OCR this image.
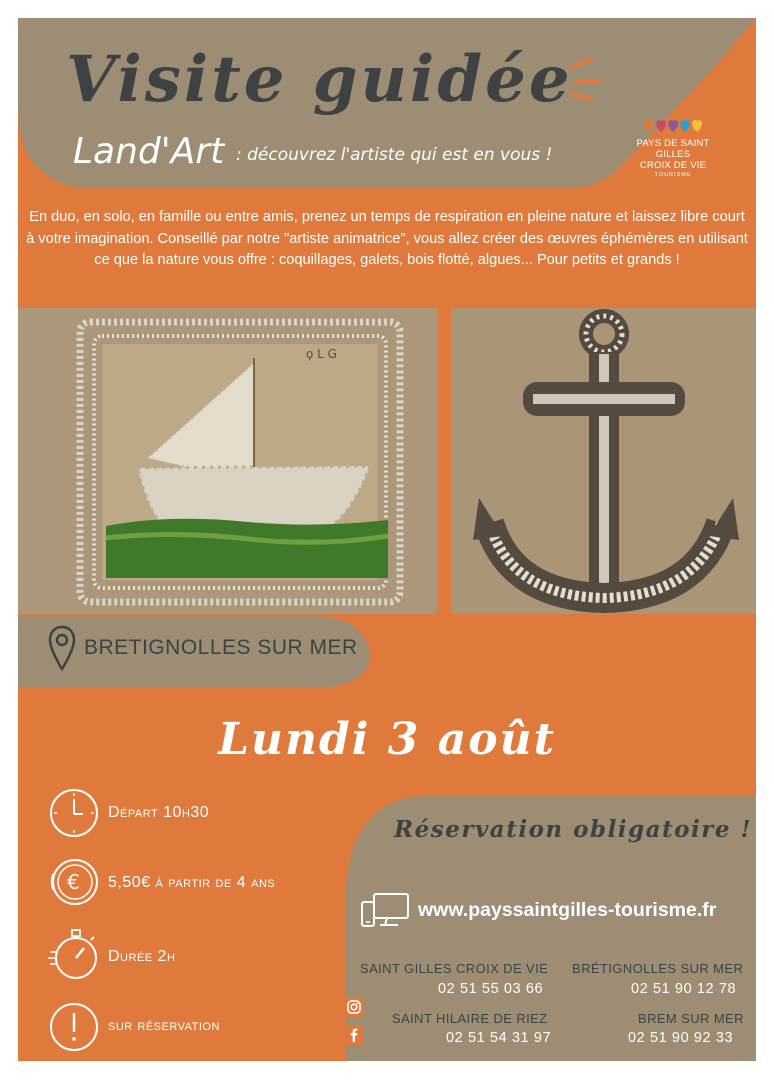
Visite guidée
Land'Art : découvrez l'artiste qui est en vous !
PAYS DE SAINT GILLES
CROIX DE VIE
TOURISME
En duo, en solo, en famille ou entre amis, prenez un temps de respiration en pleine nature et laissez libre court à votre imagination. Conseillé par notre "artiste animatrice", vous allez créer des œuvres éphémères en utilisant ce que la nature vous offre : coquillages, galets, bois flotté, algues... Pour petits et grands !
ϙ L G
BRETIGNOLLES SUR MER
Lundi 3 août
Départ 10h30
€ 5,50€ à partir de 4 ans
Durée 2h
sur réservation
Réservation obligatoire !
www.payssaintgilles-tourisme.fr
SAINT GILLES CROIX DE VIE
02 51 55 03 66
BRÉTIGNOLLES SUR MER
02 51 90 12 78
SAINT HILAIRE DE RIEZ
02 51 54 31 97
BREM SUR MER
02 51 90 92 33
